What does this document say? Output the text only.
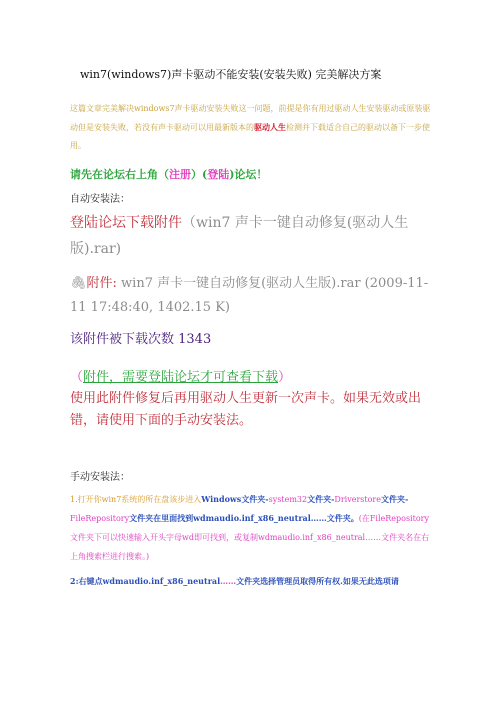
win7(windows7)声卡驱动不能安装(安装失败) 完美解决方案
这篇文章完美解决windows7声卡驱动安装失败这一问题，前提是你有用过驱动人生安装驱动或原装驱动但是安装失败，若没有声卡驱动可以用最新版本的驱动人生检测并下载适合自己的驱动以备下一步使用。
请先在论坛右上角（注册）(登陆)论坛！
自动安装法：
登陆论坛下载附件（win7 声卡一键自动修复(驱动人生版).rar)
🖇附件: win7 声卡一键自动修复(驱动人生版).rar (2009-11-11 17:48:40, 1402.15 K)
该附件被下载次数 1343
（附件，需要登陆论坛才可查看下载）
使用此附件修复后再用驱动人生更新一次声卡。如果无效或出错，请使用下面的手动安装法。
手动安装法：
1.打开你win7系统的所在盘该步进入Windows文件夹-system32文件夹-Driverstore文件夹-FileRepository文件夹在里面找到wdmaudio.inf_x86_neutral……文件夹。(在FileRepository文件夹下可以快速输入开头字母wd即可找到，或复制wdmaudio.inf_x86_neutral……文件夹名在右上角搜索栏进行搜索。)
2:右键点wdmaudio.inf_x86_neutral……文件夹选择管理员取得所有权.如果无此选项请
